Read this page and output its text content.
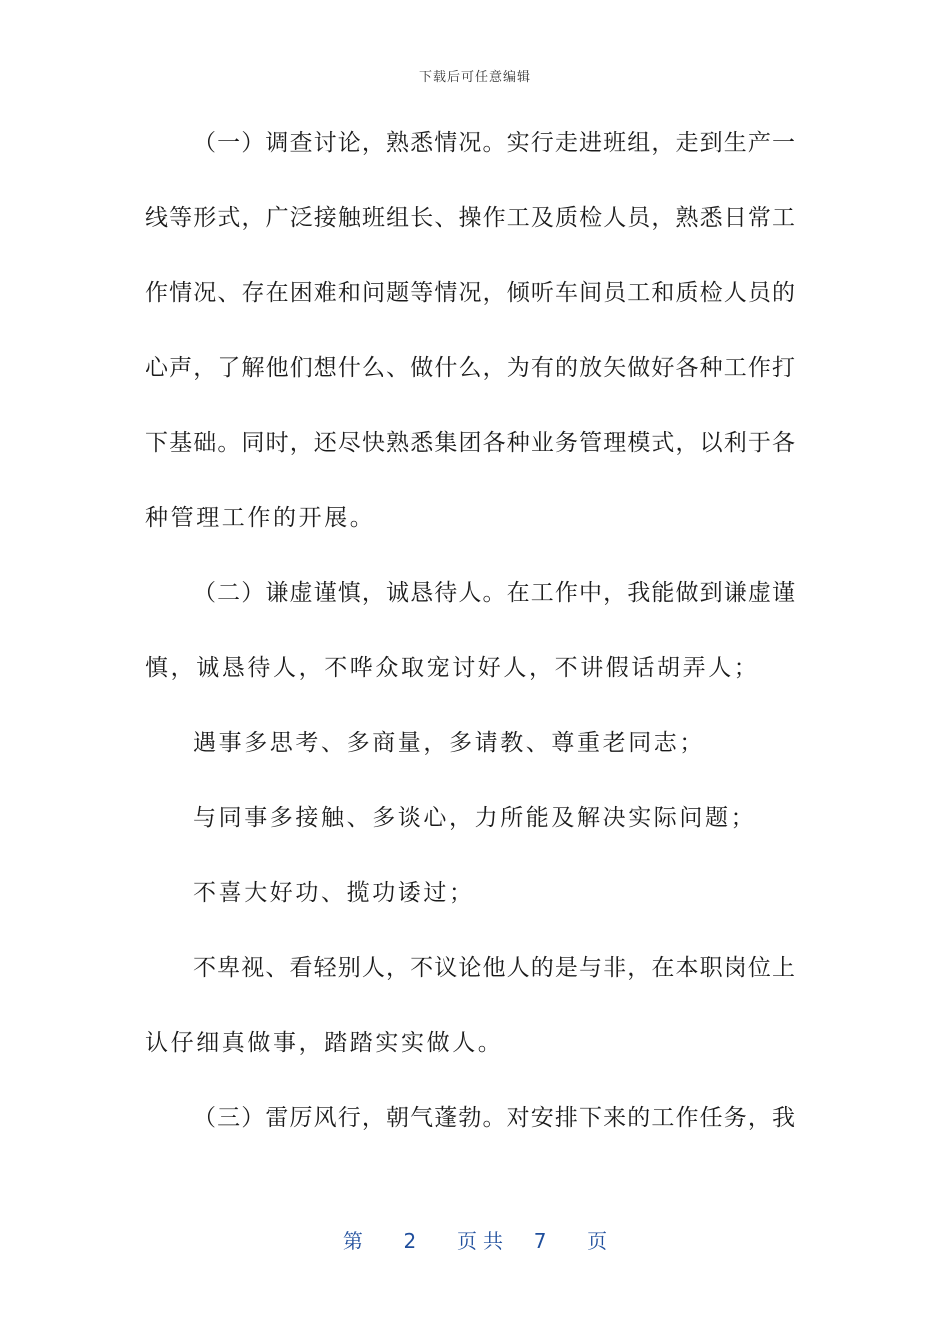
下载后可任意编辑
（一）调查讨论，熟悉情况。实行走进班组，走到生产一
线等形式，广泛接触班组长、操作工及质检人员，熟悉日常工
作情况、存在困难和问题等情况，倾听车间员工和质检人员的
心声，了解他们想什么、做什么，为有的放矢做好各种工作打
下基础。同时，还尽快熟悉集团各种业务管理模式，以利于各
种管理工作的开展。
（二）谦虚谨慎，诚恳待人。在工作中，我能做到谦虚谨
慎，诚恳待人，不哗众取宠讨好人，不讲假话胡弄人；
遇事多思考、多商量，多请教、尊重老同志；
与同事多接触、多谈心，力所能及解决实际问题；
不喜大好功、揽功诿过；
不卑视、看轻别人，不议论他人的是与非，在本职岗位上
认仔细真做事，踏踏实实做人。
（三）雷厉风行，朝气蓬勃。对安排下来的工作任务，我
第 2 页共 7 页
